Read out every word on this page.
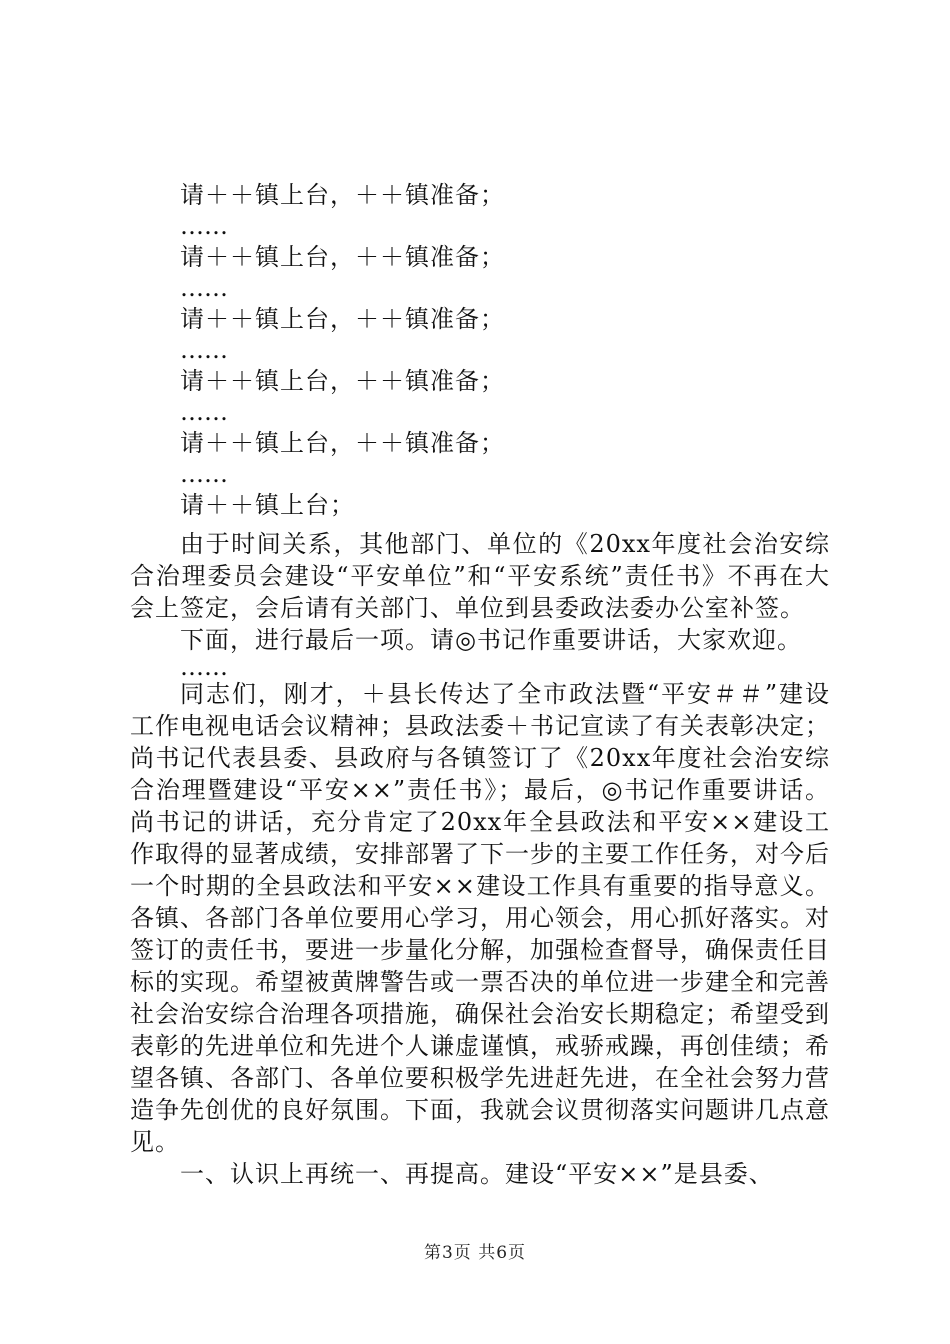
请＋＋镇上台，＋＋镇准备；
……
请＋＋镇上台，＋＋镇准备；
……
请＋＋镇上台，＋＋镇准备；
……
请＋＋镇上台，＋＋镇准备；
……
请＋＋镇上台，＋＋镇准备；
……
请＋＋镇上台；

由于时间关系，其他部门、单位的《20xx年度社会治安综合治理委员会建设“平安单位”和“平安系统”责任书》不再在大会上签定，会后请有关部门、单位到县委政法委办公室补签。

下面，进行最后一项。请◎书记作重要讲话，大家欢迎。

……

同志们，刚才，＋县长传达了全市政法暨“平安＃＃”建设工作电视电话会议精神；县政法委＋书记宣读了有关表彰决定；尚书记代表县委、县政府与各镇签订了《20xx年度社会治安综合治理暨建设“平安××”责任书》；最后，◎书记作重要讲话。尚书记的讲话，充分肯定了20xx年全县政法和平安××建设工作取得的显著成绩，安排部署了下一步的主要工作任务，对今后一个时期的全县政法和平安××建设工作具有重要的指导意义。各镇、各部门各单位要用心学习，用心领会，用心抓好落实。对签订的责任书，要进一步量化分解，加强检查督导，确保责任目标的实现。希望被黄牌警告或一票否决的单位进一步建全和完善社会治安综合治理各项措施，确保社会治安长期稳定；希望受到表彰的先进单位和先进个人谦虚谨慎，戒骄戒躁，再创佳绩；希望各镇、各部门、各单位要积极学先进赶先进，在全社会努力营造争先创优的良好氛围。下面，我就会议贯彻落实问题讲几点意见。

一、认识上再统一、再提高。建设“平安××”是县委、

第3页 共6页
